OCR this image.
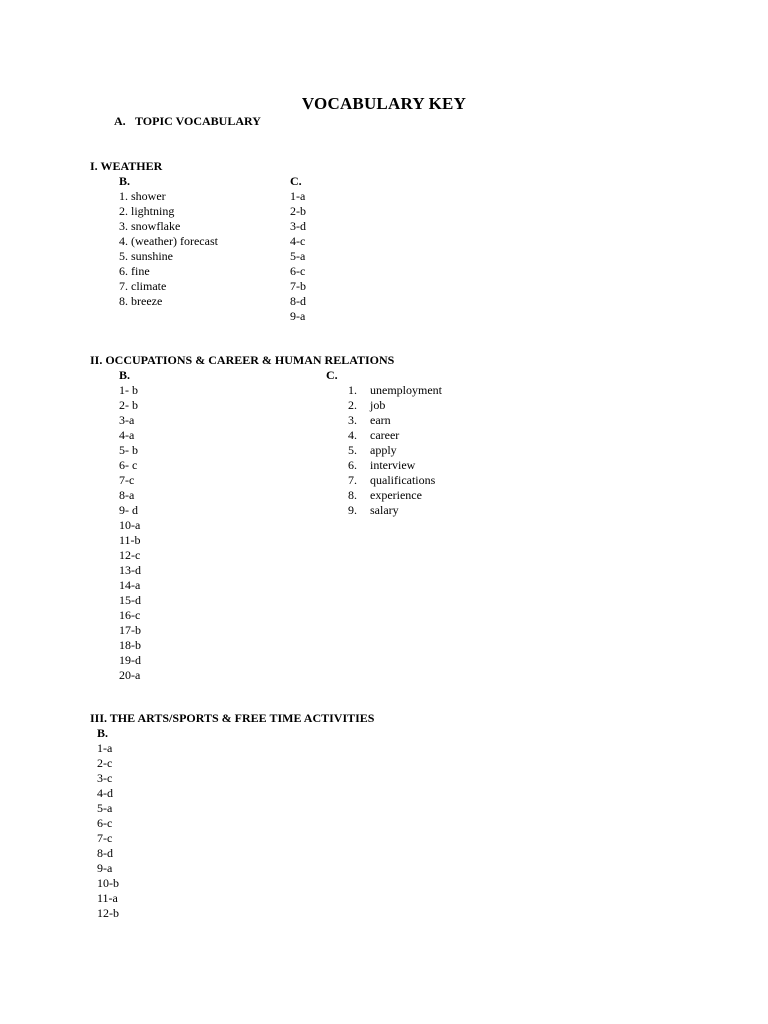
VOCABULARY KEY
A. TOPIC VOCABULARY
I. WEATHER
B.
1. shower
2. lightning
3. snowflake
4. (weather) forecast
5. sunshine
6. fine
7. climate
8. breeze
C.
1-a
2-b
3-d
4-c
5-a
6-c
7-b
8-d
9-a
II. OCCUPATIONS & CAREER & HUMAN RELATIONS
B.
1- b
2- b
3-a
4-a
5- b
6- c
7-c
8-a
9- d
10-a
11-b
12-c
13-d
14-a
15-d
16-c
17-b
18-b
19-d
20-a
C.
1. unemployment
2. job
3. earn
4. career
5. apply
6. interview
7. qualifications
8. experience
9. salary
III. THE ARTS/SPORTS & FREE TIME ACTIVITIES
B.
1-a
2-c
3-c
4-d
5-a
6-c
7-c
8-d
9-a
10-b
11-a
12-b
